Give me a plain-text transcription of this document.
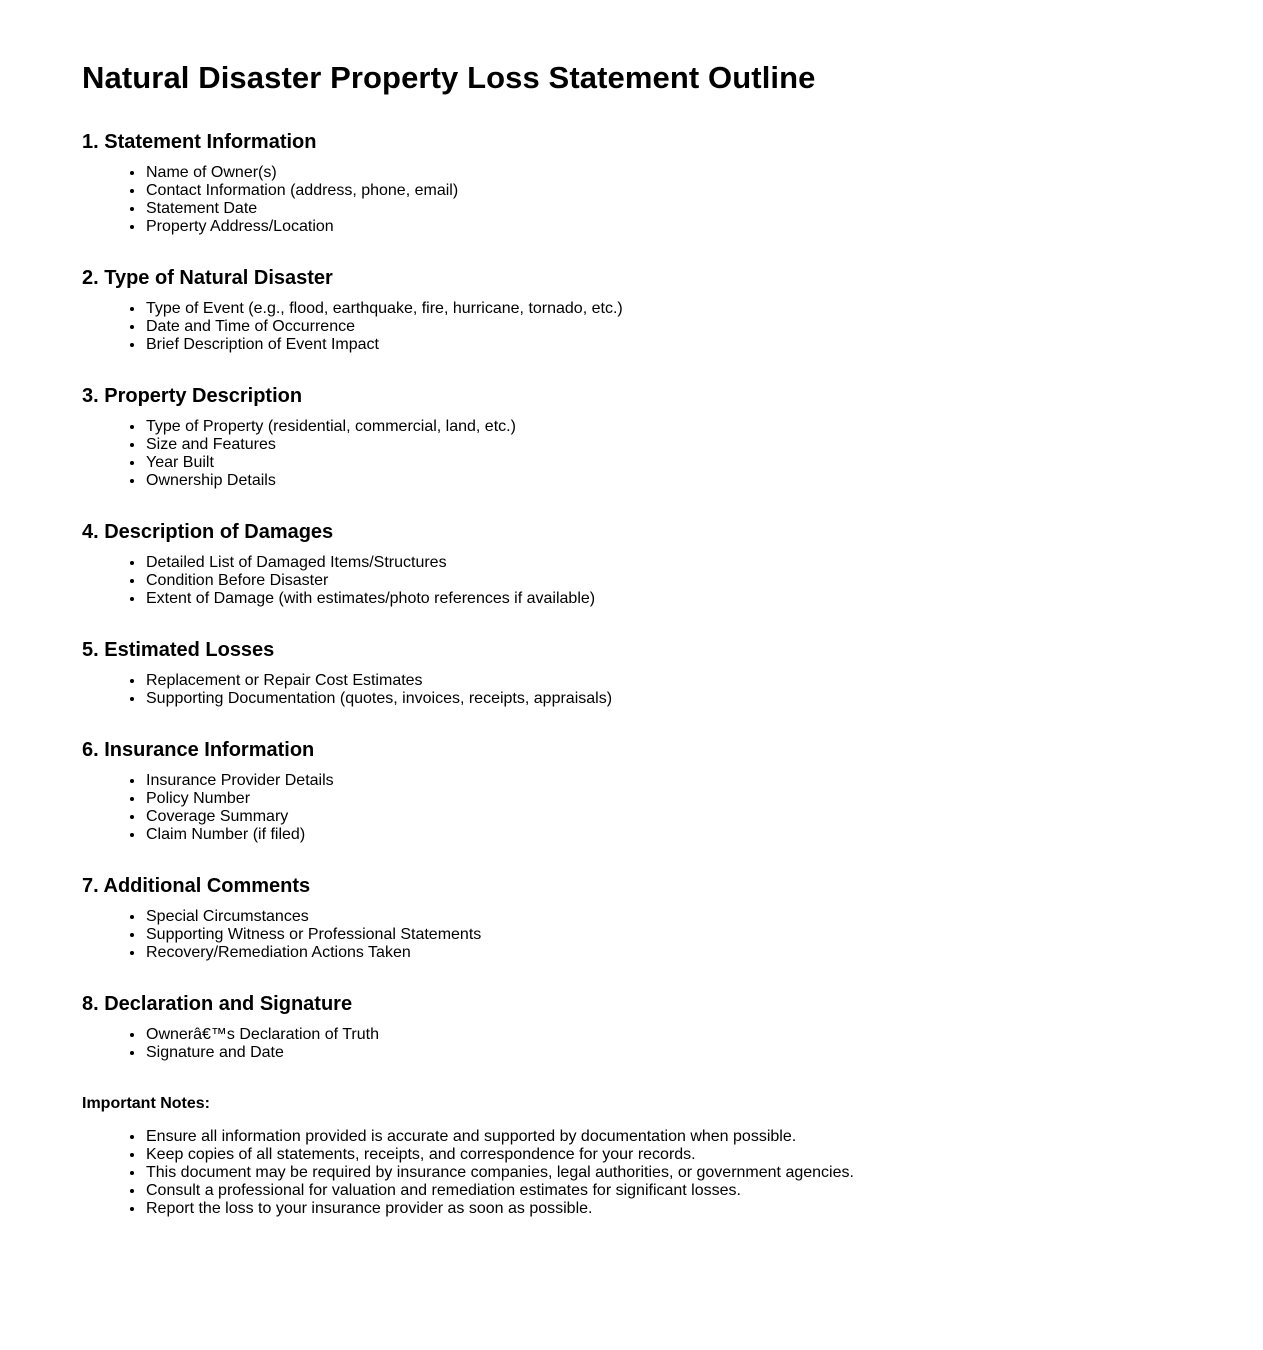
Natural Disaster Property Loss Statement Outline
1. Statement Information
• Name of Owner(s)
• Contact Information (address, phone, email)
• Statement Date
• Property Address/Location
2. Type of Natural Disaster
• Type of Event (e.g., flood, earthquake, fire, hurricane, tornado, etc.)
• Date and Time of Occurrence
• Brief Description of Event Impact
3. Property Description
• Type of Property (residential, commercial, land, etc.)
• Size and Features
• Year Built
• Ownership Details
4. Description of Damages
• Detailed List of Damaged Items/Structures
• Condition Before Disaster
• Extent of Damage (with estimates/photo references if available)
5. Estimated Losses
• Replacement or Repair Cost Estimates
• Supporting Documentation (quotes, invoices, receipts, appraisals)
6. Insurance Information
• Insurance Provider Details
• Policy Number
• Coverage Summary
• Claim Number (if filed)
7. Additional Comments
• Special Circumstances
• Supporting Witness or Professional Statements
• Recovery/Remediation Actions Taken
8. Declaration and Signature
• Ownerâ€™s Declaration of Truth
• Signature and Date
Important Notes:
• Ensure all information provided is accurate and supported by documentation when possible.
• Keep copies of all statements, receipts, and correspondence for your records.
• This document may be required by insurance companies, legal authorities, or government agencies.
• Consult a professional for valuation and remediation estimates for significant losses.
• Report the loss to your insurance provider as soon as possible.
